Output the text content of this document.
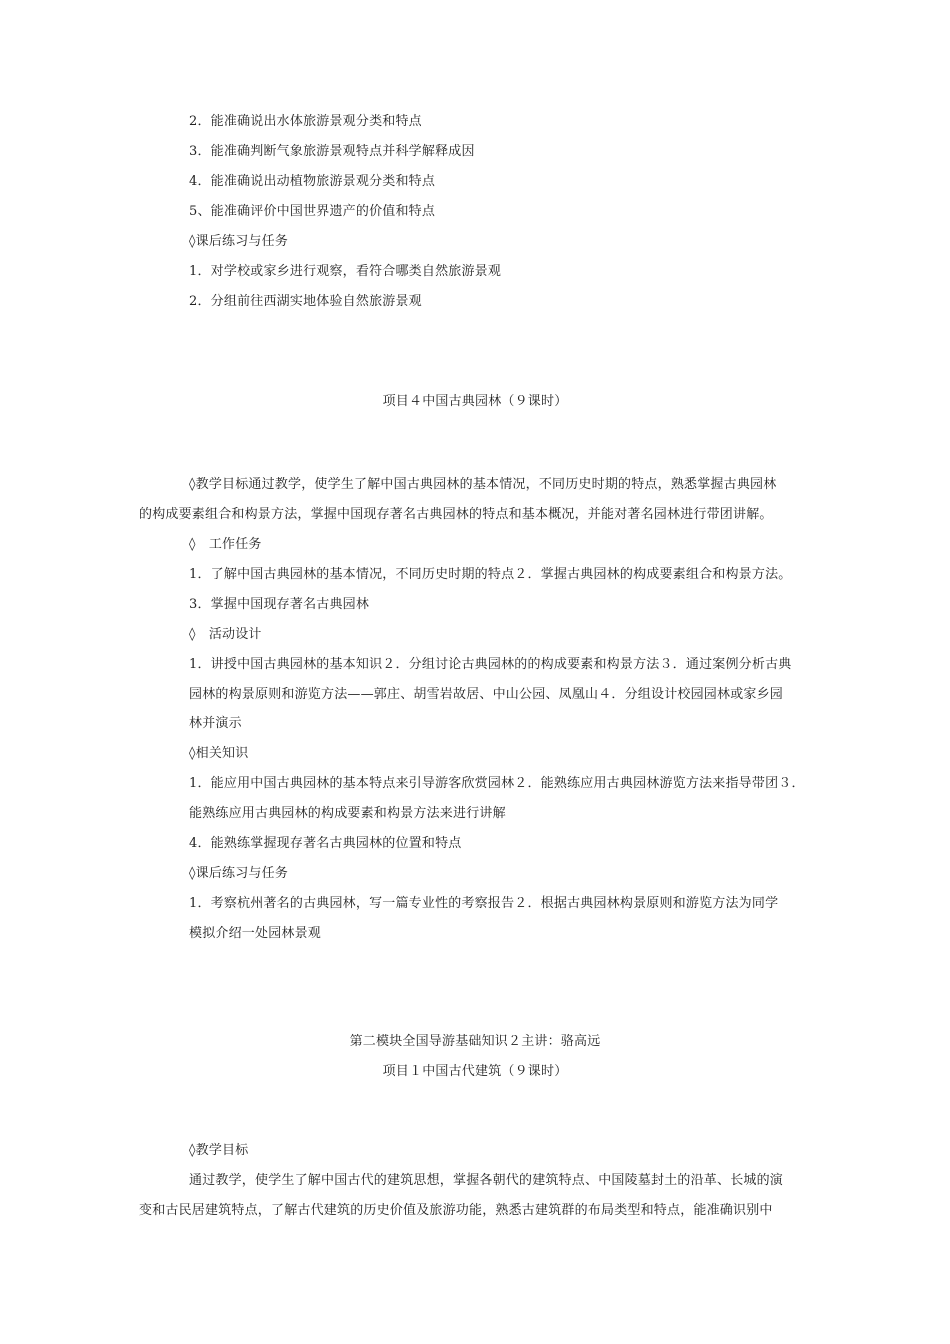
2．能准确说出水体旅游景观分类和特点
3．能准确判断气象旅游景观特点并科学解释成因
4．能准确说出动植物旅游景观分类和特点
5、能准确评价中国世界遗产的价值和特点
◊课后练习与任务
1．对学校或家乡进行观察，看符合哪类自然旅游景观
2．分组前往西湖实地体验自然旅游景观
项目４中国古典园林（９课时）
◊教学目标通过教学，使学生了解中国古典园林的基本情况，不同历史时期的特点，熟悉掌握古典园林
的构成要素组合和构景方法，掌握中国现存著名古典园林的特点和基本概况，并能对著名园林进行带团讲解。
◊　工作任务
1．了解中国古典园林的基本情况，不同历史时期的特点２．掌握古典园林的构成要素组合和构景方法。
3．掌握中国现存著名古典园林
◊　活动设计
1．讲授中国古典园林的基本知识２．分组讨论古典园林的的构成要素和构景方法３．通过案例分析古典
园林的构景原则和游览方法——郭庄、胡雪岩故居、中山公园、凤凰山４．分组设计校园园林或家乡园
林并演示
◊相关知识
1．能应用中国古典园林的基本特点来引导游客欣赏园林２．能熟练应用古典园林游览方法来指导带团３．
能熟练应用古典园林的构成要素和构景方法来进行讲解
4．能熟练掌握现存著名古典园林的位置和特点
◊课后练习与任务
1．考察杭州著名的古典园林，写一篇专业性的考察报告２．根据古典园林构景原则和游览方法为同学
模拟介绍一处园林景观
第二模块全国导游基础知识２主讲：骆高远
项目１中国古代建筑（９课时）
◊教学目标
通过教学，使学生了解中国古代的建筑思想，掌握各朝代的建筑特点、中国陵墓封土的沿革、长城的演
变和古民居建筑特点，了解古代建筑的历史价值及旅游功能，熟悉古建筑群的布局类型和特点，能准确识别中
